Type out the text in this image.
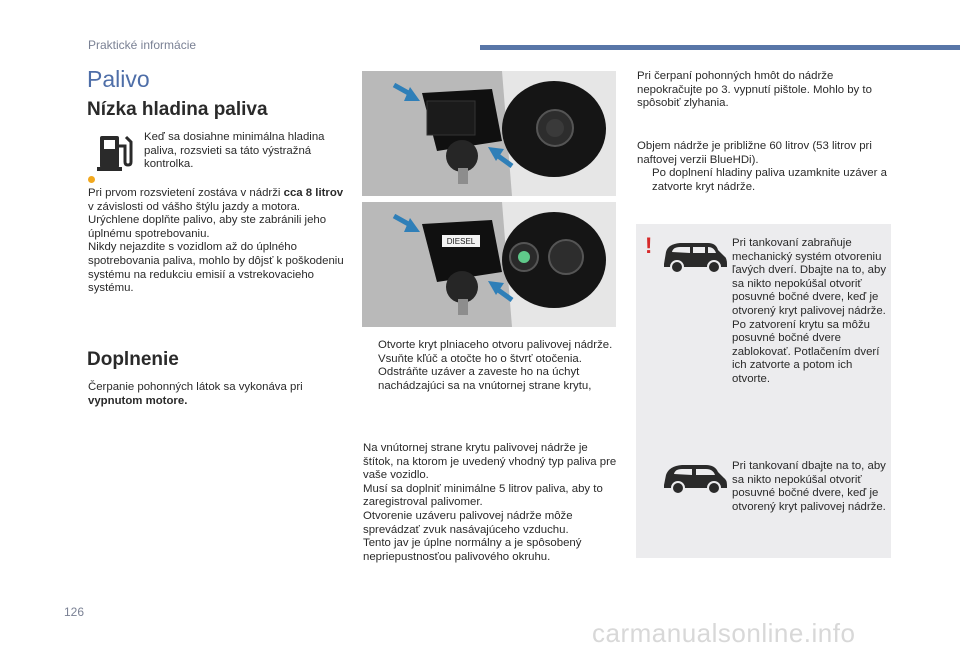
Praktické informácie
Palivo
Nízka hladina paliva
Keď sa dosiahne minimálna hladina paliva, rozsvieti sa táto výstražná kontrolka.
Pri prvom rozsvietení zostáva v nádrži cca 8 litrov v závislosti od vášho štýlu jazdy a motora.
Urýchlene doplňte palivo, aby ste zabránili jeho úplnému spotrebovaniu.
Nikdy nejazdite s vozidlom až do úplného spotrebovania paliva, mohlo by dôjsť k poškodeniu systému na redukciu emisií a vstrekovacieho systému.
Doplnenie
Čerpanie pohonných látok sa vykonáva pri vypnutom motore.
DIESEL
Otvorte kryt plniaceho otvoru palivovej nádrže.
Vsuňte kľúč a otočte ho o štvrť otočenia.
Odstráňte uzáver a zaveste ho na úchyt nachádzajúci sa na vnútornej strane krytu,
Na vnútornej strane krytu palivovej nádrže je štítok, na ktorom je uvedený vhodný typ paliva pre vaše vozidlo.
Musí sa doplniť minimálne 5 litrov paliva, aby to zaregistroval palivomer.
Otvorenie uzáveru palivovej nádrže môže sprevádzať zvuk nasávajúceho vzduchu.
Tento jav je úplne normálny a je spôsobený nepriepustnosťou palivového okruhu.
Pri čerpaní pohonných hmôt do nádrže nepokračujte po 3. vypnutí pištole. Mohlo by to spôsobiť zlyhania.
Objem nádrže je približne 60 litrov (53 litrov pri naftovej verzii BlueHDi).
Po doplnení hladiny paliva uzamknite uzáver a zatvorte kryt nádrže.
!	Pri tankovaní zabraňuje mechanický systém otvoreniu ľavých dverí. Dbajte na to, aby sa nikto nepokúšal otvoriť posuvné bočné dvere, keď je otvorený kryt palivovej nádrže. Po zatvorení krytu sa môžu posuvné bočné dvere zablokovať. Potlačením dverí ich zatvorte a potom ich otvorte.
Pri tankovaní dbajte na to, aby sa nikto nepokúšal otvoriť posuvné bočné dvere, keď je otvorený kryt palivovej nádrže.
126
carmanualsonline.info
